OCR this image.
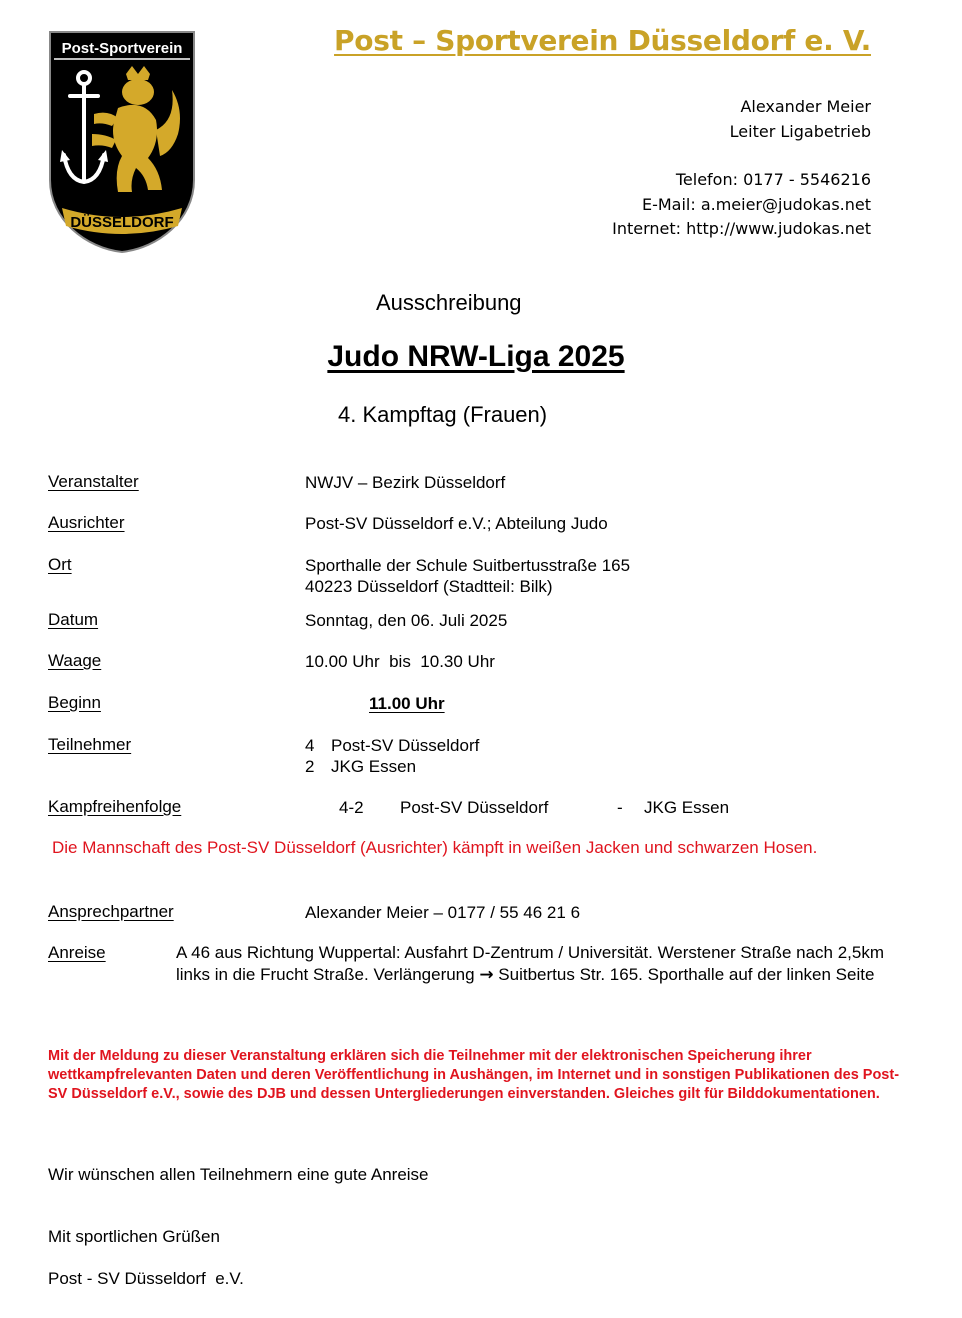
Post-Sportverein
DÜSSELDORF
Post – Sportverein Düsseldorf e. V.
Alexander Meier
Leiter Ligabetrieb
Telefon: 0177 - 5546216
E-Mail: a.meier@judokas.net
Internet: http://www.judokas.net
Ausschreibung
Judo NRW-Liga 2025
4. Kampftag (Frauen)
Veranstalter	NWJV – Bezirk Düsseldorf
Ausrichter	Post-SV Düsseldorf e.V.; Abteilung Judo
Ort	Sporthalle der Schule Suitbertusstraße 165
40223 Düsseldorf (Stadtteil: Bilk)
Datum	Sonntag, den 06. Juli 2025
Waage	10.00 Uhr  bis  10.30 Uhr
Beginn	11.00 Uhr
Teilnehmer	4 Post-SV Düsseldorf
2 JKG Essen
Kampfreihenfolge	4-2 Post-SV Düsseldorf	- JKG Essen
Die Mannschaft des Post-SV Düsseldorf (Ausrichter) kämpft in weißen Jacken und schwarzen Hosen.
Ansprechpartner	Alexander Meier – 0177 / 55 46 21 6
Anreise	A 46 aus Richtung Wuppertal: Ausfahrt D-Zentrum / Universität. Werstener Straße nach 2,5km links in die Frucht Straße. Verlängerung → Suitbertus Str. 165. Sporthalle auf der linken Seite
Mit der Meldung zu dieser Veranstaltung erklären sich die Teilnehmer mit der elektronischen Speicherung ihrer wettkampfrelevanten Daten und deren Veröffentlichung in Aushängen, im Internet und in sonstigen Publikationen des Post-SV Düsseldorf e.V., sowie des DJB und dessen Untergliederungen einverstanden. Gleiches gilt für Bilddokumentationen.
Wir wünschen allen Teilnehmern eine gute Anreise
Mit sportlichen Grüßen
Post - SV Düsseldorf  e.V.
